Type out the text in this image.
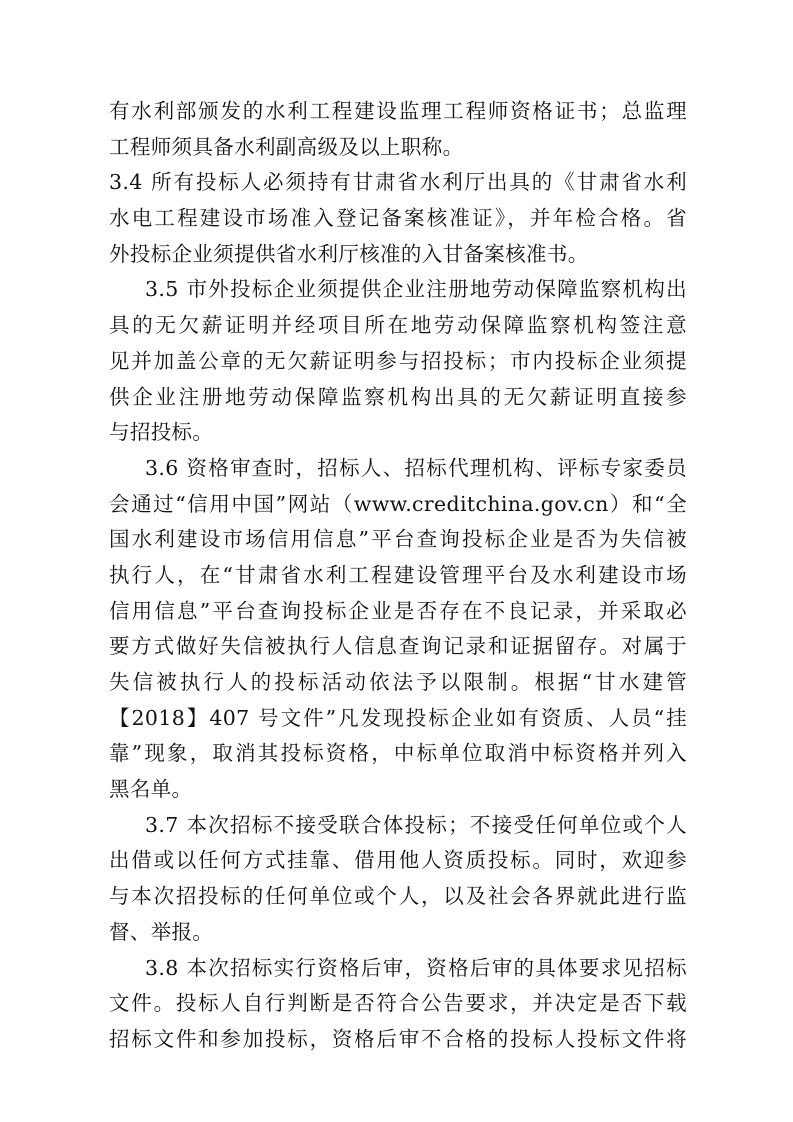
有水利部颁发的水利工程建设监理工程师资格证书；总监理
工程师须具备水利副高级及以上职称。
3.4 所有投标人必须持有甘肃省水利厅出具的《甘肃省水利
水电工程建设市场准入登记备案核准证》，并年检合格。省
外投标企业须提供省水利厅核准的入甘备案核准书。
3.5 市外投标企业须提供企业注册地劳动保障监察机构出
具的无欠薪证明并经项目所在地劳动保障监察机构签注意
见并加盖公章的无欠薪证明参与招投标；市内投标企业须提
供企业注册地劳动保障监察机构出具的无欠薪证明直接参
与招投标。
3.6 资格审查时，招标人、招标代理机构、评标专家委员
会通过“信用中国”网站（www.creditchina.gov.cn）和“全
国水利建设市场信用信息”平台查询投标企业是否为失信被
执行人，在“甘肃省水利工程建设管理平台及水利建设市场
信用信息”平台查询投标企业是否存在不良记录，并采取必
要方式做好失信被执行人信息查询记录和证据留存。对属于
失信被执行人的投标活动依法予以限制。根据“甘水建管
【2018】407 号文件”凡发现投标企业如有资质、人员“挂
靠”现象，取消其投标资格，中标单位取消中标资格并列入
黑名单。
3.7 本次招标不接受联合体投标；不接受任何单位或个人
出借或以任何方式挂靠、借用他人资质投标。同时，欢迎参
与本次招投标的任何单位或个人，以及社会各界就此进行监
督、举报。
3.8 本次招标实行资格后审，资格后审的具体要求见招标
文件。投标人自行判断是否符合公告要求，并决定是否下载
招标文件和参加投标，资格后审不合格的投标人投标文件将
